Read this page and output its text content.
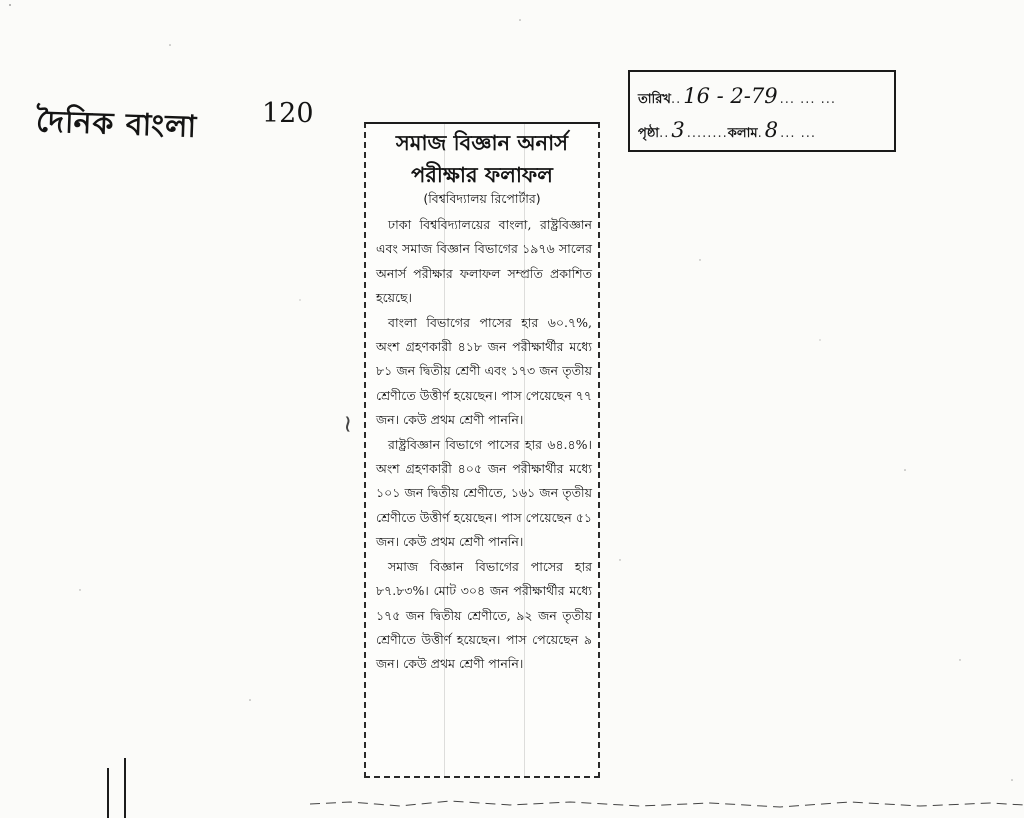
দৈনিক বাংলা 120	তারিখ .. 16 - 2-79 ... ... ...
পৃষ্ঠা .. 3 ........ কলাম . 8 ... ...
সমাজ বিজ্ঞান অনার্স
পরীক্ষার ফলাফল
(বিশ্ববিদ্যালয় রিপোর্টার)

ঢাকা বিশ্ববিদ্যালয়ের বাংলা, রাষ্ট্রবিজ্ঞান এবং সমাজ বিজ্ঞান বিভাগের ১৯৭৬ সালের অনার্স পরীক্ষার ফলাফল সম্প্রতি প্রকাশিত হয়েছে।

বাংলা বিভাগের পাসের হার ৬০.৭%, অংশ গ্রহণকারী ৪১৮ জন পরীক্ষার্থীর মধ্যে ৮১ জন দ্বিতীয় শ্রেণী এবং ১৭৩ জন তৃতীয় শ্রেণীতে উত্তীর্ণ হয়েছেন। পাস পেয়েছেন ৭৭ জন। কেউ প্রথম শ্রেণী পাননি।

রাষ্ট্রবিজ্ঞান বিভাগে পাসের হার ৬৪.৪%। অংশ গ্রহণকারী ৪০৫ জন পরীক্ষার্থীর মধ্যে ১০১ জন দ্বিতীয় শ্রেণীতে, ১৬১ জন তৃতীয় শ্রেণীতে উত্তীর্ণ হয়েছেন। পাস পেয়েছেন ৫১ জন। কেউ প্রথম শ্রেণী পাননি।

সমাজ বিজ্ঞান বিভাগের পাসের হার ৮৭.৮৩%। মোট ৩০৪ জন পরীক্ষার্থীর মধ্যে ১৭৫ জন দ্বিতীয় শ্রেণীতে, ৯২ জন তৃতীয় শ্রেণীতে উত্তীর্ণ হয়েছেন। পাস পেয়েছেন ৯ জন। কেউ প্রথম শ্রেণী পাননি।

~
